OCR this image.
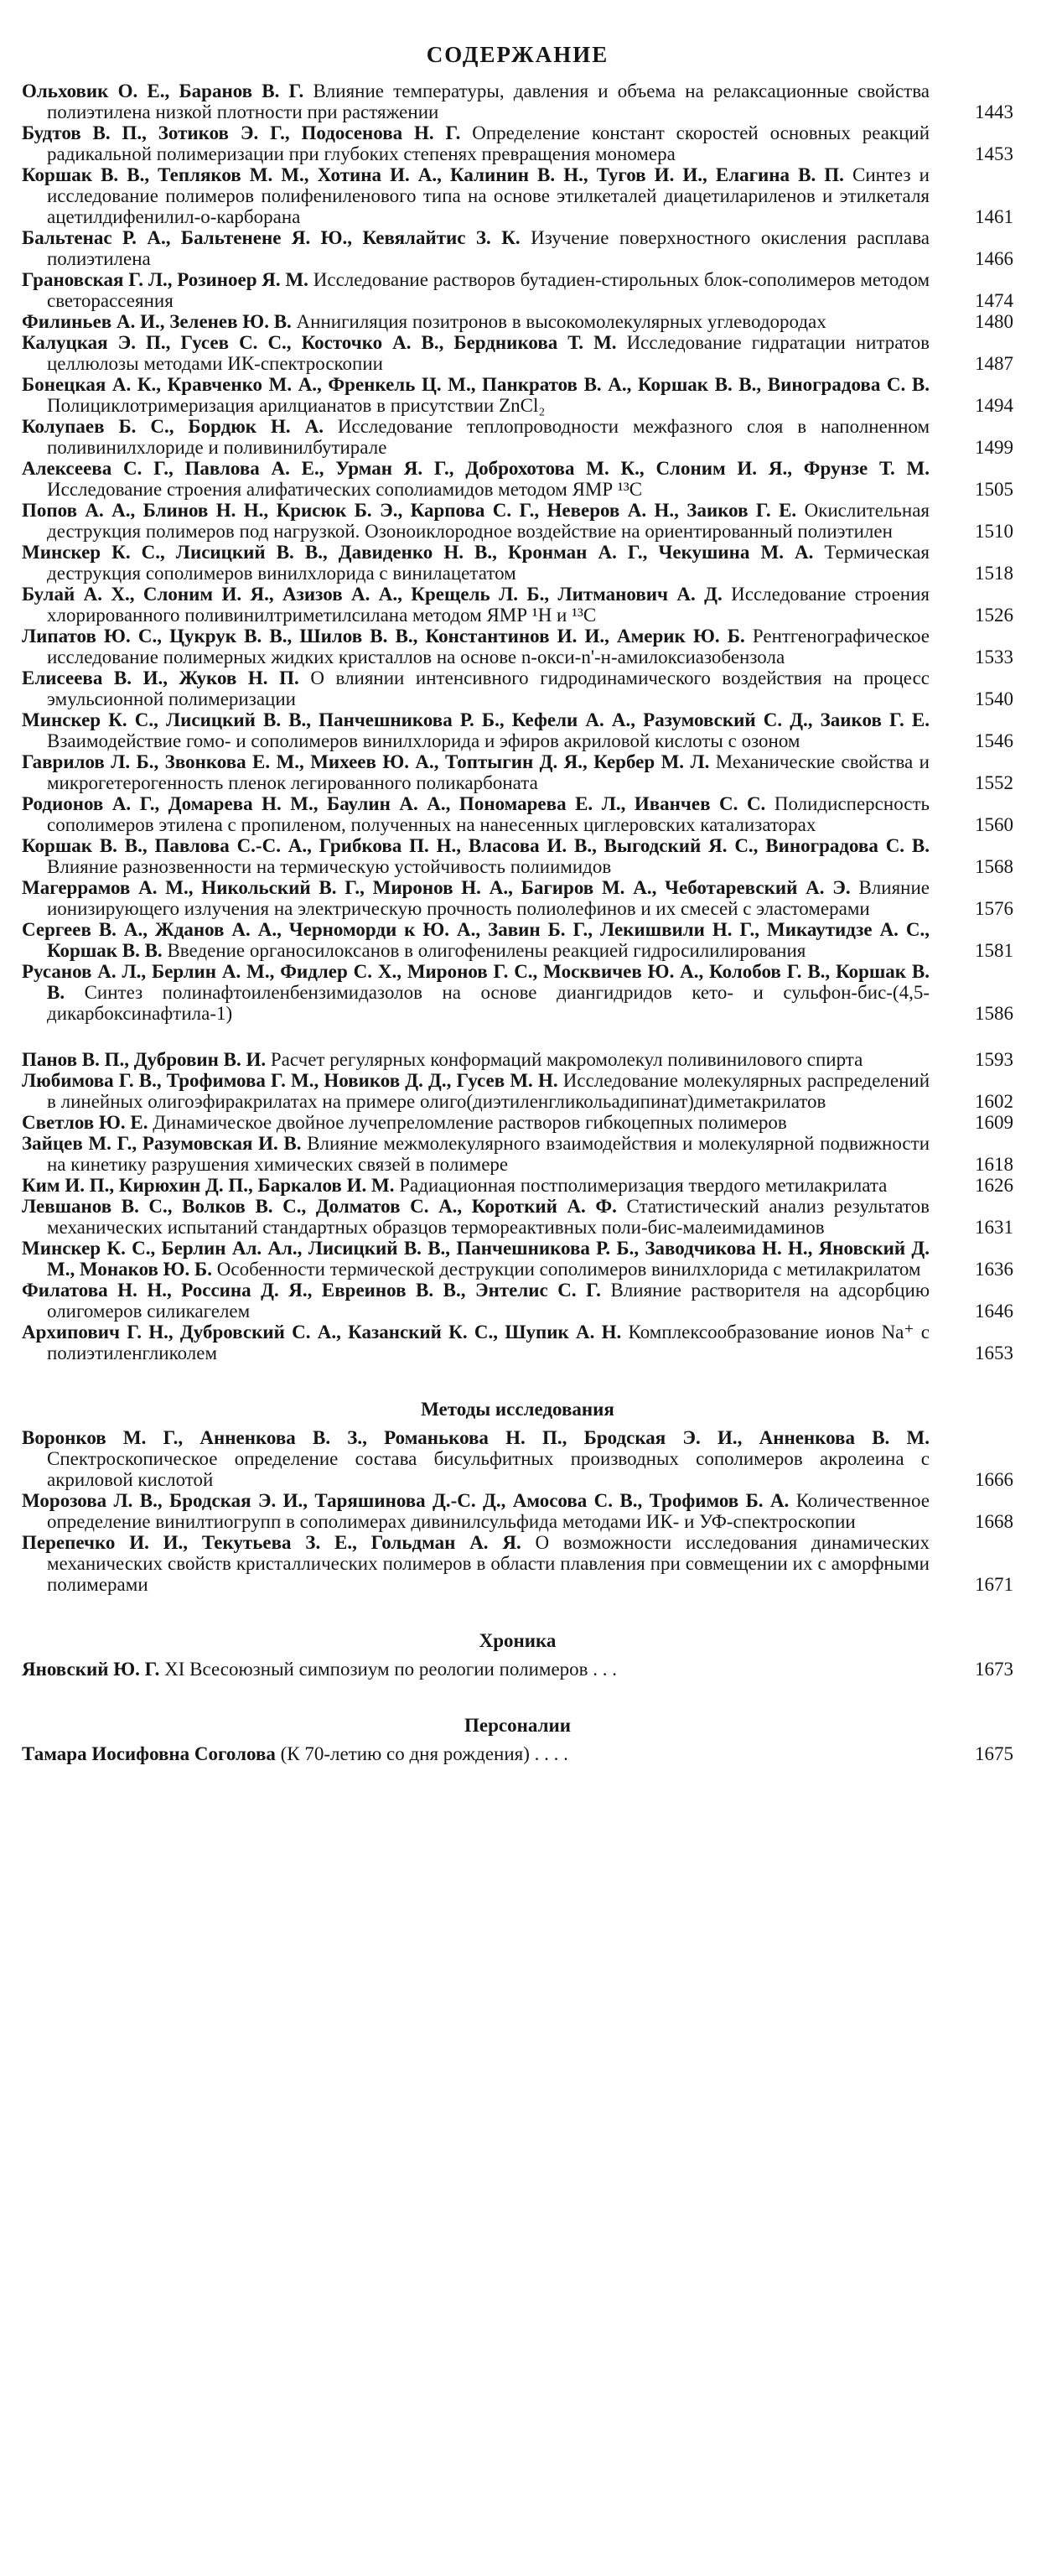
СОДЕРЖАНИЕ
Ольховик О. Е., Баранов В. Г. Влияние температуры, давления и объема на релаксационные свойства полиэтилена низкой плотности при растяжении	1443
Будтов В. П., Зотиков Э. Г., Подосенова Н. Г. Определение констант скоростей основных реакций радикальной полимеризации при глубоких степенях превращения мономера	1453
Коршак В. В., Тепляков М. М., Хотина И. А., Калинин В. Н., Тугов И. И., Елагина В. П. Синтез и исследование полимеров полифениленового типа на основе этилкеталей диацетилариленов и этилкеталя ацетилдифенилил-о-карборана	1461
Бальтенас Р. А., Бальтенене Я. Ю., Кевялайтис З. К. Изучение поверхностного окисления расплава полиэтилена	1466
Грановская Г. Л., Розиноер Я. М. Исследование растворов бутадиен-стирольных блок-сополимеров методом светорассеяния	1474
Филиньев А. И., Зеленев Ю. В. Аннигиляция позитронов в высокомолекулярных углеводородах	1480
Калуцкая Э. П., Гусев С. С., Косточко А. В., Бердникова Т. М. Исследование гидратации нитратов целлюлозы методами ИК-спектроскопии	1487
Бонецкая А. К., Кравченко М. А., Френкель Ц. М., Панкратов В. А., Коршак В. В., Виноградова С. В. Полициклотримеризация арилцианатов в присутствии ZnCl₂	1494
Колупаев Б. С., Бордюк Н. А. Исследование теплопроводности межфазного слоя в наполненном поливинилхлориде и поливинилбутирале	1499
Алексеева С. Г., Павлова А. Е., Урман Я. Г., Доброхотова М. К., Слоним И. Я., Фрунзе Т. М. Исследование строения алифатических сополиамидов методом ЯМР ¹³С	1505
Попов А. А., Блинов Н. Н., Крисюк Б. Э., Карпова С. Г., Неверов А. Н., Заиков Г. Е. Окислительная деструкция полимеров под нагрузкой. Озоноиклородное воздействие на ориентированный полиэтилен	1510
Минскер К. С., Лисицкий В. В., Давиденко Н. В., Кронман А. Г., Чекушина М. А. Термическая деструкция сополимеров винилхлорида с винилацетатом	1518
Булай А. Х., Слоним И. Я., Азизов А. А., Крещель Л. Б., Литманович А. Д. Исследование строения хлорированного поливинилтриметилсилана методом ЯМР ¹Н и ¹³С	1526
Липатов Ю. С., Цукрук В. В., Шилов В. В., Константинов И. И., Америк Ю. Б. Рентгенографическое исследование полимерных жидких кристаллов на основе n-окси-n'-н-амилоксиазобензола	1533
Елисеева В. И., Жуков Н. П. О влиянии интенсивного гидродинамического воздействия на процесс эмульсионной полимеризации	1540
Минскер К. С., Лисицкий В. В., Панчешникова Р. Б., Кефели А. А., Разумовский С. Д., Заиков Г. Е. Взаимодействие гомо- и сополимеров винилхлорида и эфиров акриловой кислоты с озоном	1546
Гаврилов Л. Б., Звонкова Е. М., Михеев Ю. А., Топтыгин Д. Я., Кербер М. Л. Механические свойства и микрогетерогенность пленок легированного поликарбоната	1552
Родионов А. Г., Домарева Н. М., Баулин А. А., Пономарева Е. Л., Иванчев С. С. Полидисперсность сополимеров этилена с пропиленом, полученных на нанесенных циглеровских катализаторах	1560
Коршак В. В., Павлова С.-С. А., Грибкова П. Н., Власова И. В., Выгодский Я. С., Виноградова С. В. Влияние разнозвенности на термическую устойчивость полиимидов	1568
Магеррамов А. М., Никольский В. Г., Миронов Н. А., Багиров М. А., Чеботаревский А. Э. Влияние ионизирующего излучения на электрическую прочность полиолефинов и их смесей с эластомерами	1576
Сергеев В. А., Жданов А. А., Черноморди к Ю. А., Завин Б. Г., Лекишвили Н. Г., Микаутидзе А. С., Коршак В. В. Введение органосилоксанов в олигофенилены реакцией гидросилилирования	1581
Русанов А. Л., Берлин А. М., Фидлер С. Х., Миронов Г. С., Москвичев Ю. А., Колобов Г. В., Коршак В. В. Синтез полинафтоиленбензимидазолов на основе диангидридов кето- и сульфон-бис-(4,5-дикарбоксинафтила-1)	1586
Панов В. П., Дубровин В. И. Расчет регулярных конформаций макромолекул поливинилового спирта	1593
Любимова Г. В., Трофимова Г. М., Новиков Д. Д., Гусев М. Н. Исследование молекулярных распределений в линейных олигоэфиракрилатах на примере олиго(диэтиленгликольадипинат)диметакрилатов	1602
Светлов Ю. Е. Динамическое двойное лучепреломление растворов гибкоцепных полимеров	1609
Зайцев М. Г., Разумовская И. В. Влияние межмолекулярного взаимодействия и молекулярной подвижности на кинетику разрушения химических связей в полимере	1618
Ким И. П., Кирюхин Д. П., Баркалов И. М. Радиационная постполимеризация твердого метилакрилата	1626
Левшанов В. С., Волков В. С., Долматов С. А., Короткий А. Ф. Статистический анализ результатов механических испытаний стандартных образцов термореактивных поли-бис-малеимидаминов	1631
Минскер К. С., Берлин Ал. Ал., Лисицкий В. В., Панчешникова Р. Б., Заводчикова Н. Н., Яновский Д. М., Монаков Ю. Б. Особенности термической деструкции сополимеров винилхлорида с метилакрилатом	1636
Филатова Н. Н., Россина Д. Я., Евреинов В. В., Энтелис С. Г. Влияние растворителя на адсорбцию олигомеров силикагелем	1646
Архипович Г. Н., Дубровский С. А., Казанский К. С., Шупик А. Н. Комплексообразование ионов Na⁺ с полиэтиленгликолем	1653
Методы исследования
Воронков М. Г., Анненкова В. З., Романькова Н. П., Бродская Э. И., Анненкова В. М. Спектроскопическое определение состава бисульфитных производных сополимеров акролеина с акриловой кислотой	1666
Морозова Л. В., Бродская Э. И., Таряшинова Д.-С. Д., Амосова С. В., Трофимов Б. А. Количественное определение винилтиогрупп в сополимерах дивинилсульфида методами ИК- и УФ-спектроскопии	1668
Перепечко И. И., Текутьева З. Е., Гольдман А. Я. О возможности исследования динамических механических свойств кристаллических полимеров в области плавления при совмещении их с аморфными полимерами	1671
Хроника
Яновский Ю. Г. XI Всесоюзный симпозиум по реологии полимеров . . .	1673
Персоналии
Тамара Иосифовна Соголова (К 70-летию со дня рождения) . . . .	1675
